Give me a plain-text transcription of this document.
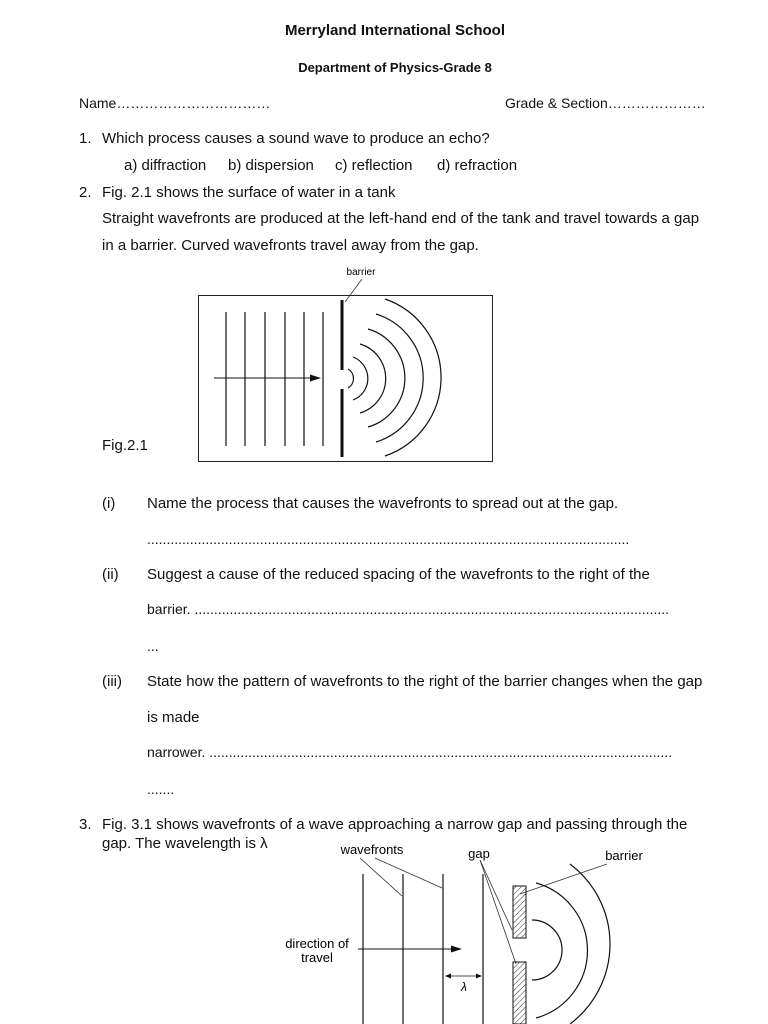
Merryland International School
Department of Physics-Grade 8
Name……………………………	Grade & Section…………………
1. Which process causes a sound wave to produce an echo?
a) diffraction b) dispersion c) reflection d) refraction
2. Fig. 2.1 shows the surface of water in a tank
Straight wavefronts are produced at the left-hand end of the tank and travel towards a gap
in a barrier. Curved wavefronts travel away from the gap.
barrier
Fig.2.1
(i) Name the process that causes the wavefronts to spread out at the gap.
............................................................................................................................
(ii) Suggest a cause of the reduced spacing of the wavefronts to the right of the
barrier. ..........................................................................................................................
...
(iii) State how the pattern of wavefronts to the right of the barrier changes when the gap
is made
narrower. .......................................................................................................................
.......
3. Fig. 3.1 shows wavefronts of a wave approaching a narrow gap and passing through the
gap. The wavelength is λ	wavefronts	gap	barrier
direction of
travel
λ
